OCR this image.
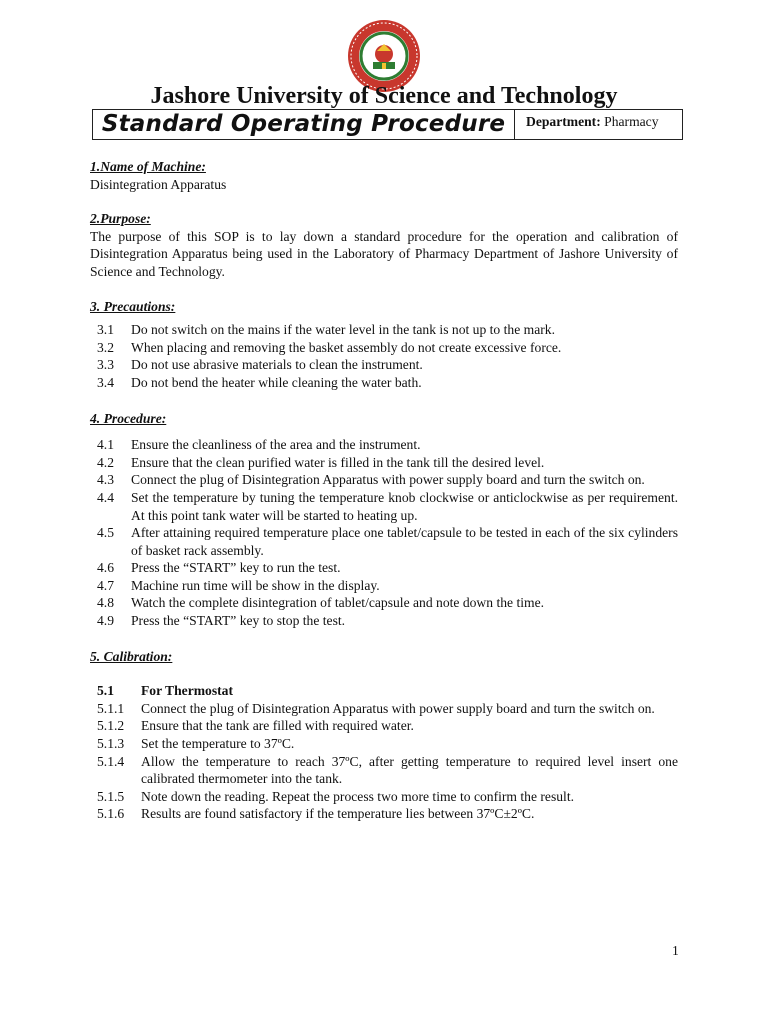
Jashore University of Science and Technology
Standard Operating Procedure	Department: Pharmacy

1.Name of Machine:

Disintegration Apparatus

2.Purpose:

The purpose of this SOP is to lay down a standard procedure for the operation and calibration of Disintegration Apparatus being used in the Laboratory of Pharmacy Department of Jashore University of Science and Technology.

3. Precautions:

3.1	Do not switch on the mains if the water level in the tank is not up to the mark.
3.2	When placing and removing the basket assembly do not create excessive force.
3.3	Do not use abrasive materials to clean the instrument.
3.4	Do not bend the heater while cleaning the water bath.

4. Procedure:

4.1	Ensure the cleanliness of the area and the instrument.
4.2	Ensure that the clean purified water is filled in the tank till the desired level.
4.3	Connect the plug of Disintegration Apparatus with power supply board and turn the switch on.
4.4	Set the temperature by tuning the temperature knob clockwise or anticlockwise as per requirement. At this point tank water will be started to heating up.
4.5	After attaining required temperature place one tablet/capsule to be tested in each of the six cylinders of basket rack assembly.
4.6	Press the “START” key to run the test.
4.7	Machine run time will be show in the display.
4.8	Watch the complete disintegration of tablet/capsule and note down the time.
4.9	Press the “START” key to stop the test.

5. Calibration:

5.1	For Thermostat
5.1.1	Connect the plug of Disintegration Apparatus with power supply board and turn the switch on.
5.1.2	Ensure that the tank are filled with required water.
5.1.3	Set the temperature to 37ºC.
5.1.4	Allow the temperature to reach 37ºC, after getting temperature to required level insert one calibrated thermometer into the tank.
5.1.5	Note down the reading. Repeat the process two more time to confirm the result.
5.1.6	Results are found satisfactory if the temperature lies between 37ºC±2ºC.
1
